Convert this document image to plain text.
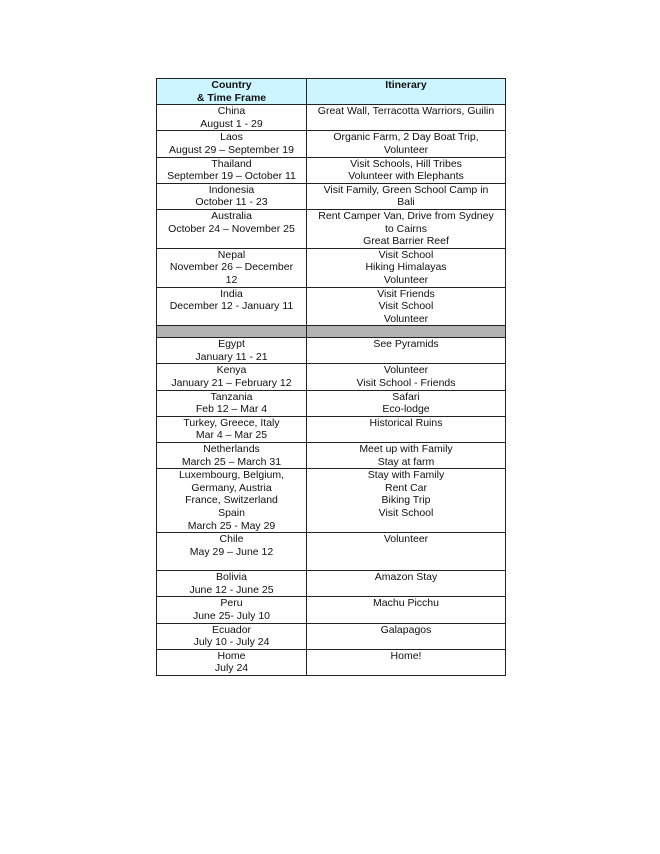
Country
& Time Frame	Itinerary

China
August 1 - 29	Great Wall, Terracotta Warriors, Guilin

Laos
August 29 – September 19	Organic Farm, 2 Day Boat Trip,
Volunteer

Thailand
September 19 – October 11	Visit Schools, Hill Tribes
Volunteer with Elephants

Indonesia
October 11 - 23	Visit Family, Green School Camp in
Bali

Australia
October 24 – November 25	Rent Camper Van, Drive from Sydney
to Cairns
Great Barrier Reef

Nepal
November 26 – December
12	Visit School
Hiking Himalayas
Volunteer

India
December 12 - January 11	Visit Friends
Visit School
Volunteer

Egypt
January 11 - 21	See Pyramids

Kenya
January 21 – February 12	Volunteer
Visit School - Friends

Tanzania
Feb 12 – Mar 4	Safari
Eco-lodge

Turkey, Greece, Italy
Mar 4 – Mar 25	Historical Ruins

Netherlands
March 25 – March 31	Meet up with Family
Stay at farm

Luxembourg, Belgium,
Germany, Austria
France, Switzerland
Spain
March 25 - May 29	Stay with Family
Rent Car
Biking Trip
Visit School

Chile
May 29 – June 12	Volunteer

Bolivia
June 12 - June 25	Amazon Stay

Peru
June 25- July 10	Machu Picchu

Ecuador
July 10 - July 24	Galapagos

Home
July 24	Home!
